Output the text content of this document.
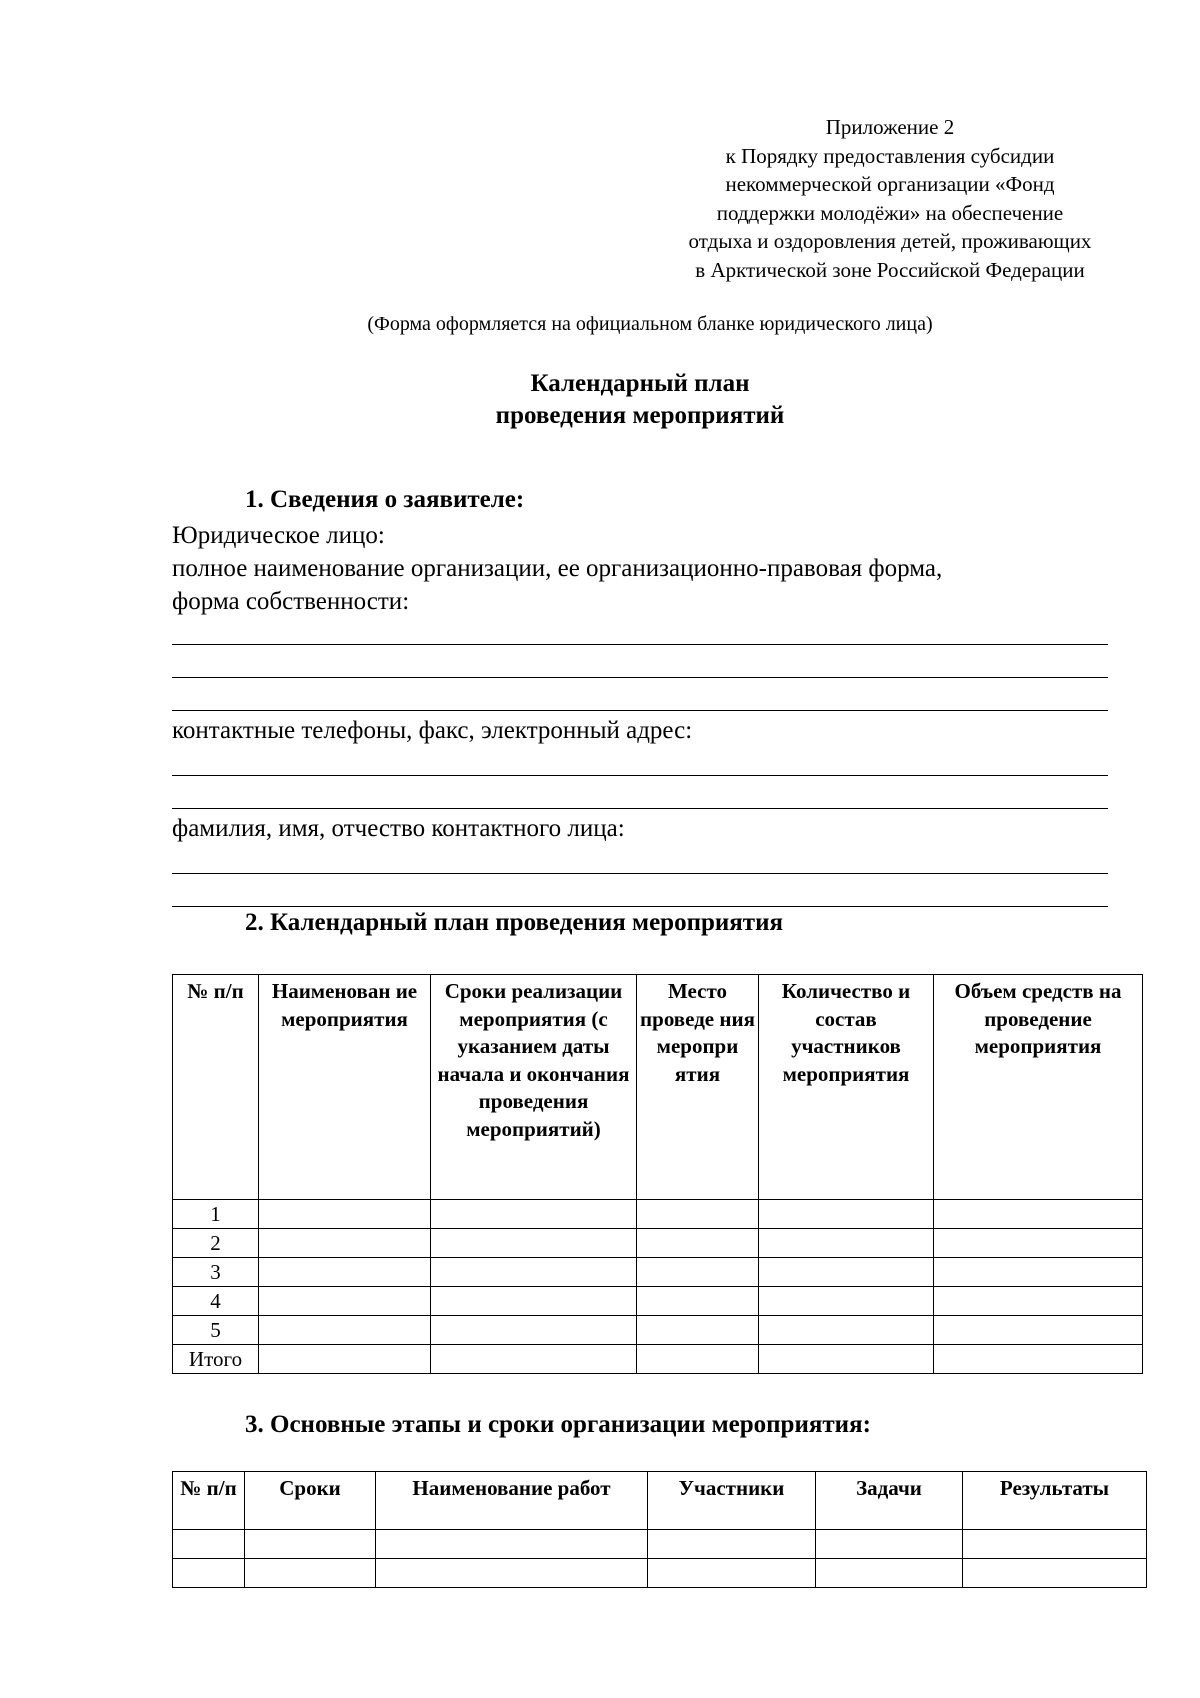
Приложение 2
к Порядку предоставления субсидии
некоммерческой организации «Фонд
поддержки молодёжи» на обеспечение
отдыха и оздоровления детей, проживающих
в Арктической зоне Российской Федерации
(Форма оформляется на официальном бланке юридического лица)
Календарный план
проведения мероприятий
1. Сведения о заявителе:
Юридическое лицо:
полное наименование организации, ее организационно-правовая форма,
форма собственности:
контактные телефоны, факс, электронный адрес:
фамилия, имя, отчество контактного лица:
2. Календарный план проведения мероприятия
№ п/п	Наименован ие мероприятия	Сроки реализации мероприятия (с указанием даты начала и окончания проведения мероприятий)	Место проведе ния меропри ятия	Количество и состав участников мероприятия	Объем средств на проведение мероприятия
1					
2					
3					
4					
5					
Итого					
3. Основные этапы и сроки организации мероприятия:
№ п/п	Сроки	Наименование работ	Участники	Задачи	Результаты
